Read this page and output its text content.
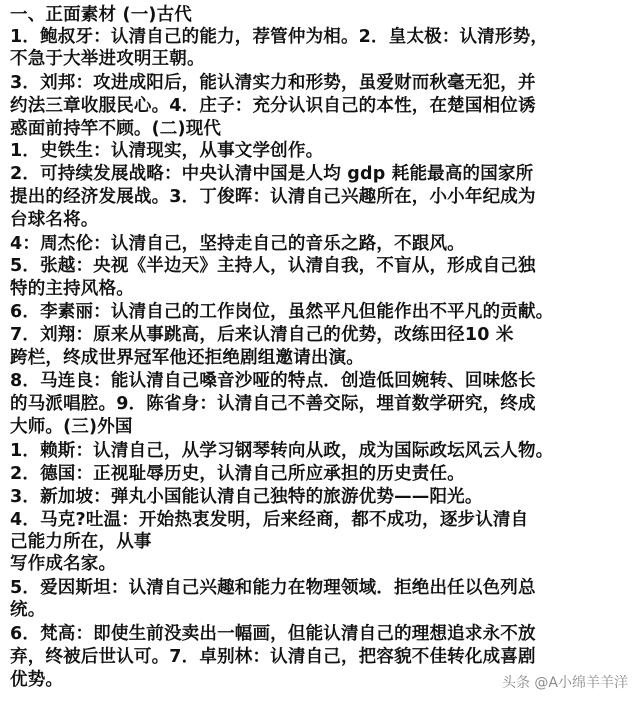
一、正面素材 (一)古代
1．鲍叔牙：认清自己的能力，荐管仲为相。2．皇太极：认清形势，
不急于大举进攻明王朝。
3．刘邦：攻进成阳后，能认清实力和形势，虽爱财而秋毫无犯，并
约法三章收服民心。4．庄子：充分认识自己的本性，在楚国相位诱
惑面前持竿不顾。(二)现代
1．史铁生：认清现实，从事文学创作。
2．可持续发展战略：中央认清中国是人均 gdp 耗能最高的国家所
提出的经济发展战。3．丁俊晖：认清自己兴趣所在，小小年纪成为
台球名将。
4：周杰伦：认清自己，坚持走自己的音乐之路，不跟风。
5．张越：央视《半边天》主持人，认清自我，不盲从，形成自己独
特的主持风格。
6．李素丽：认清自己的工作岗位，虽然平凡但能作出不平凡的贡献。
7．刘翔：原来从事跳高，后来认清自己的优势，改练田径10 米
跨栏，终成世界冠军他还拒绝剧组邀请出演。
8．马连良：能认清自己嗓音沙哑的特点．创造低回婉转、回味悠长
的马派唱腔。9．陈省身：认清自己不善交际，埋首数学研究，终成
大师。(三)外国
1．赖斯：认清自己，从学习钢琴转向从政，成为国际政坛风云人物。
2．德国：正视耻辱历史，认清自己所应承担的历史责任。
3．新加坡：弹丸小国能认清自己独特的旅游优势——阳光。
4．马克?吐温：开始热衷发明，后来经商，都不成功，逐步认清自
己能力所在，从事
写作成名家。
5．爱因斯坦：认清自己兴趣和能力在物理领域．拒绝出任以色列总
统。
6．梵高：即使生前没卖出一幅画，但能认清自己的理想追求永不放
弃，终被后世认可。7．卓别林：认清自己，把容貌不佳转化成喜剧
优势。	头条 @A小绵羊羊洋
